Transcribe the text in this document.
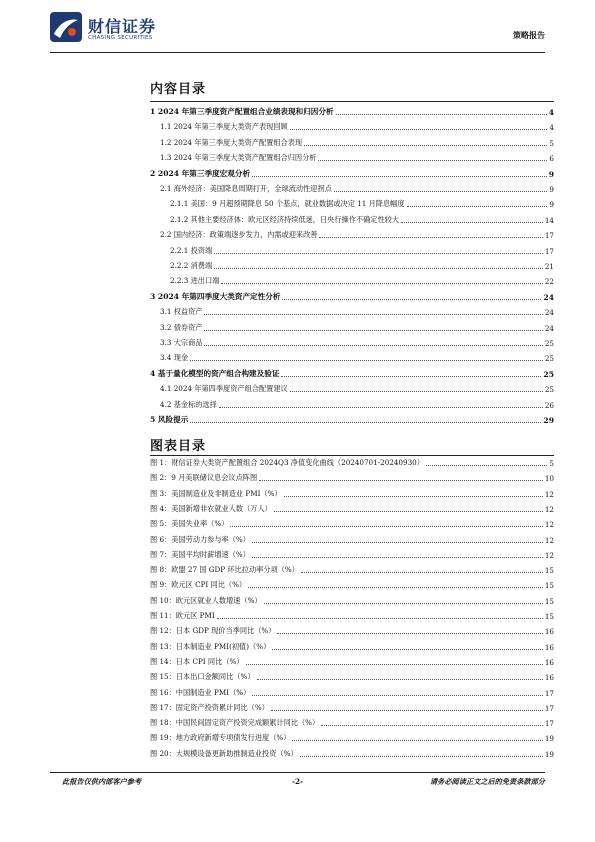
财信证券
CHASING SECURITIES	策略报告
内容目录
1 2024 年第三季度资产配置组合业绩表现和归因分析	4
1.1 2024 年第三季度大类资产表现回顾	4
1.2 2024 年第三季度大类资产配置组合表现	5
1.3 2024 年第三季度大类资产配置组合归因分析	6
2 2024 年第三季度宏观分析	9
2.1 海外经济：美国降息周期打开，全球流动性迎拐点	9
2.1.1 美国：9 月超预期降息 50 个基点，就业数据或决定 11 月降息幅度	9
2.1.2 其他主要经济体：欧元区经济持续低迷，日央行操作不确定性较大	14
2.2 国内经济：政策端逐步发力，内需或迎来改善	17
2.2.1 投资端	17
2.2.2 消费端	21
2.2.3 进出口端	22
3 2024 年第四季度大类资产定性分析	24
3.1 权益资产	24
3.2 债券资产	24
3.3 大宗商品	25
3.4 现金	25
4 基于量化模型的资产组合构建及验证	25
4.1 2024 年第四季度资产组合配置建议	25
4.2 基金标的选择	26
5 风险提示	29
图表目录
图 1：财信证券大类资产配置组合 2024Q3 净值变化曲线（20240701-20240930）	5
图 2：9 月美联储议息会议点阵图	10
图 3：美国制造业及非制造业 PMI（%）	12
图 4：美国新增非农就业人数（万人）	12
图 5：美国失业率（%）	12
图 6：美国劳动力参与率（%）	12
图 7：美国平均时薪增速（%）	12
图 8：欧盟 27 国 GDP 环比拉动率分项（%）	15
图 9：欧元区 CPI 同比（%）	15
图 10：欧元区就业人数增速（%）	15
图 11：欧元区 PMI	15
图 12：日本 GDP 现价当季同比（%）	16
图 13：日本制造业 PMI(初值)（%）	16
图 14：日本 CPI 同比（%）	16
图 15：日本出口金额同比（%）	16
图 16：中国制造业 PMI（%）	17
图 17：固定资产投资累计同比（%）	17
图 18：中国民间固定资产投资完成额累计同比（%）	17
图 19：地方政府新增专项债发行进度（%）	19
图 20：大规模设备更新助推制造业投资（%）	19
此报告仅供内部客户参考	-2-	请务必阅读正文之后的免责条款部分
